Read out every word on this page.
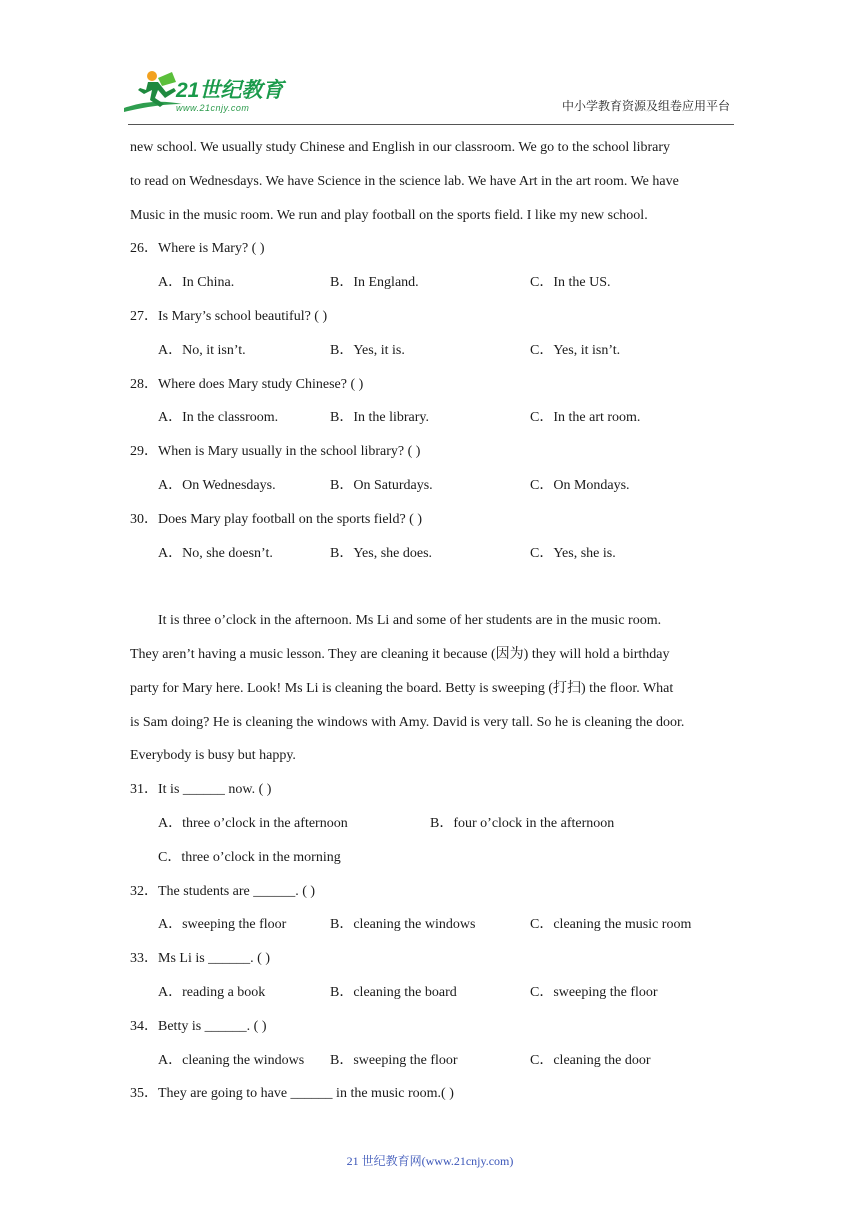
21世纪教育
www.21cnjy.com	中小学教育资源及组卷应用平台

new school. We usually study Chinese and English in our classroom. We go to the school library

to read on Wednesdays. We have Science in the science lab. We have Art in the art room. We have

Music in the music room. We run and play football on the sports field. I like my new school.

26．Where is Mary? ( )

A．In China.	B．In England.	C．In the US.

27．Is Mary’s school beautiful? ( )

A．No, it isn’t.	B．Yes, it is.	C．Yes, it isn’t.

28．Where does Mary study Chinese? ( )

A．In the classroom.	B．In the library.	C．In the art room.

29．When is Mary usually in the school library? ( )

A．On Wednesdays.	B．On Saturdays.	C．On Mondays.

30．Does Mary play football on the sports field? ( )

A．No, she doesn’t.	B．Yes, she does.	C．Yes, she is.

It is three o’clock in the afternoon. Ms Li and some of her students are in the music room.

They aren’t having a music lesson. They are cleaning it because (因为) they will hold a birthday

party for Mary here. Look! Ms Li is cleaning the board. Betty is sweeping (打扫) the floor. What

is Sam doing? He is cleaning the windows with Amy. David is very tall. So he is cleaning the door.

Everybody is busy but happy.

31．It is ______ now. ( )

A．three o’clock in the afternoon	B．four o’clock in the afternoon
C．three o’clock in the morning

32．The students are ______. ( )

A．sweeping the floor	B．cleaning the windows	C．cleaning the music room

33．Ms Li is ______. ( )

A．reading a book	B．cleaning the board	C．sweeping the floor

34．Betty is ______. ( )

A．cleaning the windows B．sweeping the floor	C．cleaning the door

35．They are going to have ______ in the music room.( )

21 世纪教育网(www.21cnjy.com)
